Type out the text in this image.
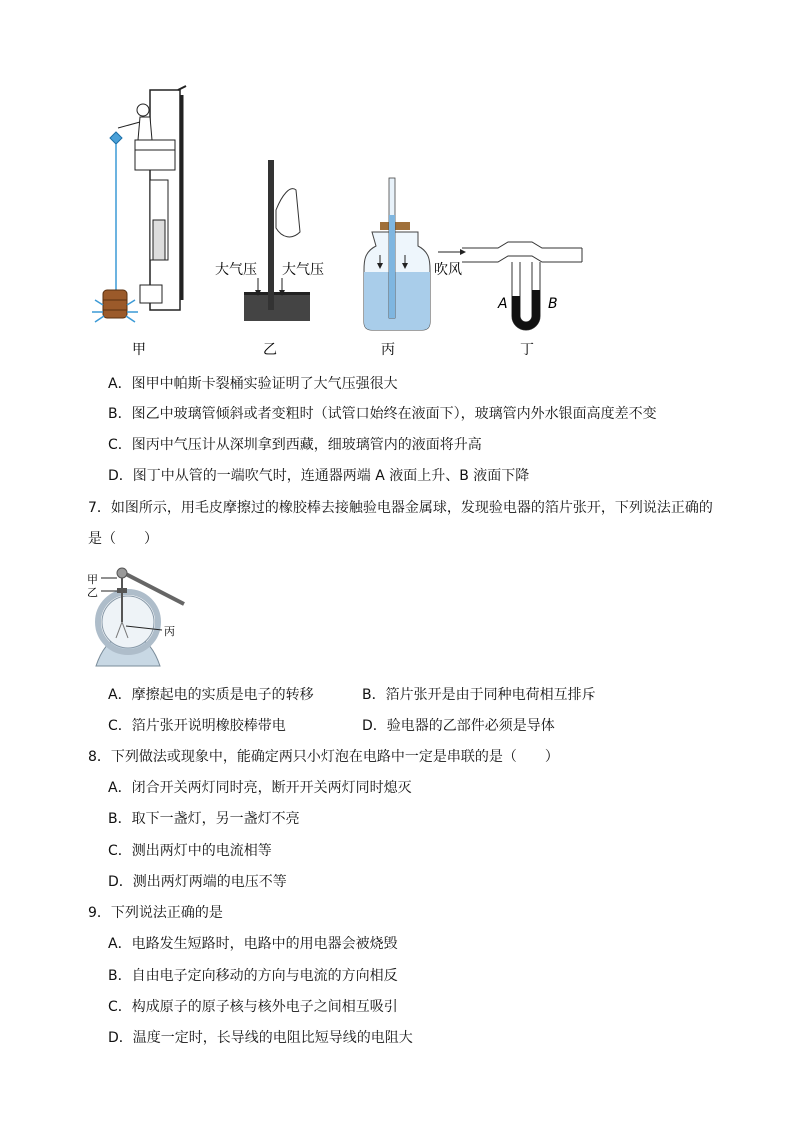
甲	乙	丙	丁
大气压 大气压	吹风
A	B
A．图甲中帕斯卡裂桶实验证明了大气压强很大
B．图乙中玻璃管倾斜或者变粗时（试管口始终在液面下），玻璃管内外水银面高度差不变
C．图丙中气压计从深圳拿到西藏，细玻璃管内的液面将升高
D．图丁中从管的一端吹气时，连通器两端 A 液面上升、B 液面下降
7．如图所示，用毛皮摩擦过的橡胶棒去接触验电器金属球，发现验电器的箔片张开，下列说法正确的
是（　　）
甲
乙
丙
A．摩擦起电的实质是电子的转移	B．箔片张开是由于同种电荷相互排斥
C．箔片张开说明橡胶棒带电	D．验电器的乙部件必须是导体
8．下列做法或现象中，能确定两只小灯泡在电路中一定是串联的是（　　）
A．闭合开关两灯同时亮，断开开关两灯同时熄灭
B．取下一盏灯，另一盏灯不亮
C．测出两灯中的电流相等
D．测出两灯两端的电压不等
9．下列说法正确的是
A．电路发生短路时，电路中的用电器会被烧毁
B．自由电子定向移动的方向与电流的方向相反
C．构成原子的原子核与核外电子之间相互吸引
D．温度一定时，长导线的电阻比短导线的电阻大
